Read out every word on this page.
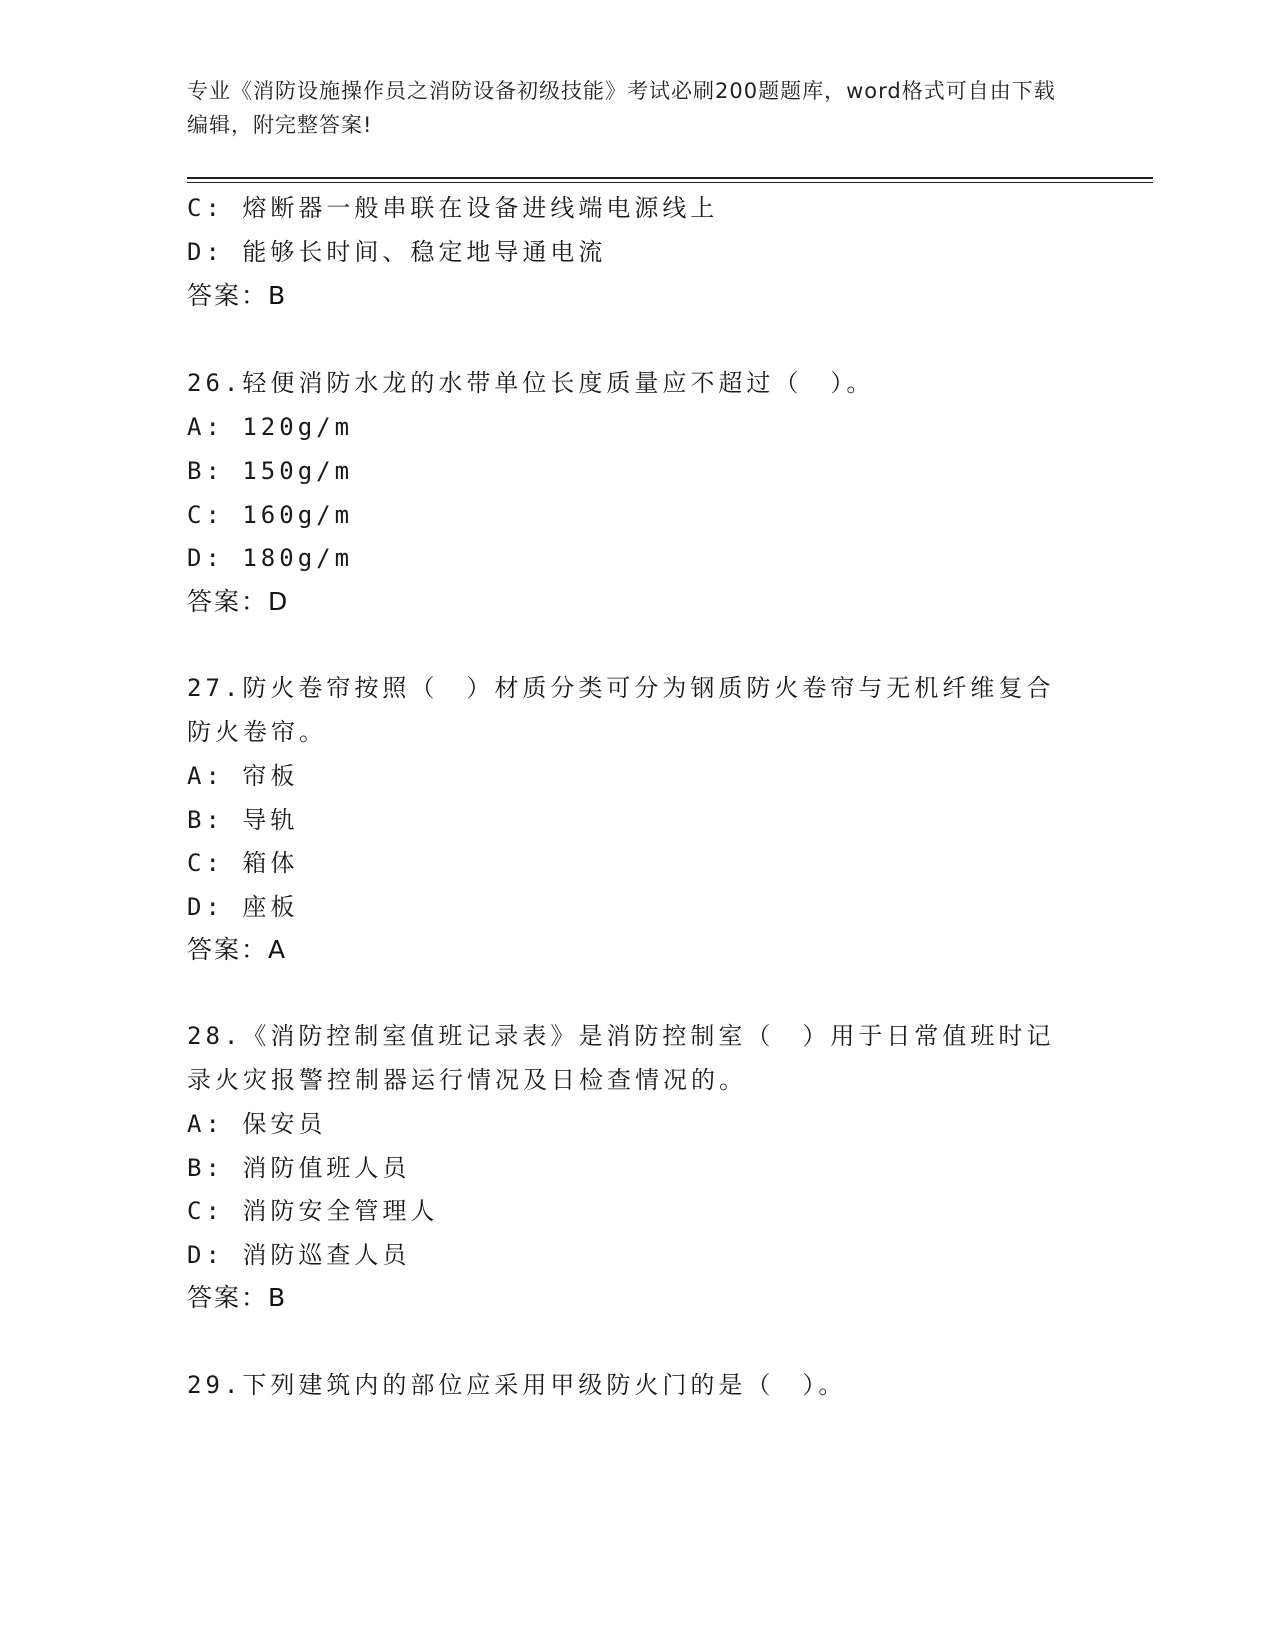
专业《消防设施操作员之消防设备初级技能》考试必刷200题题库，word格式可自由下载编辑，附完整答案!
C: 熔断器一般串联在设备进线端电源线上
D: 能够长时间、稳定地导通电流
答案：B
26.轻便消防水龙的水带单位长度质量应不超过（　）。
A: 120g/m
B: 150g/m
C: 160g/m
D: 180g/m
答案：D
27.防火卷帘按照（　）材质分类可分为钢质防火卷帘与无机纤维复合
防火卷帘。
A: 帘板
B: 导轨
C: 箱体
D: 座板
答案：A
28.《消防控制室值班记录表》是消防控制室（　）用于日常值班时记
录火灾报警控制器运行情况及日检查情况的。
A: 保安员
B: 消防值班人员
C: 消防安全管理人
D: 消防巡查人员
答案：B
29.下列建筑内的部位应采用甲级防火门的是（　）。
